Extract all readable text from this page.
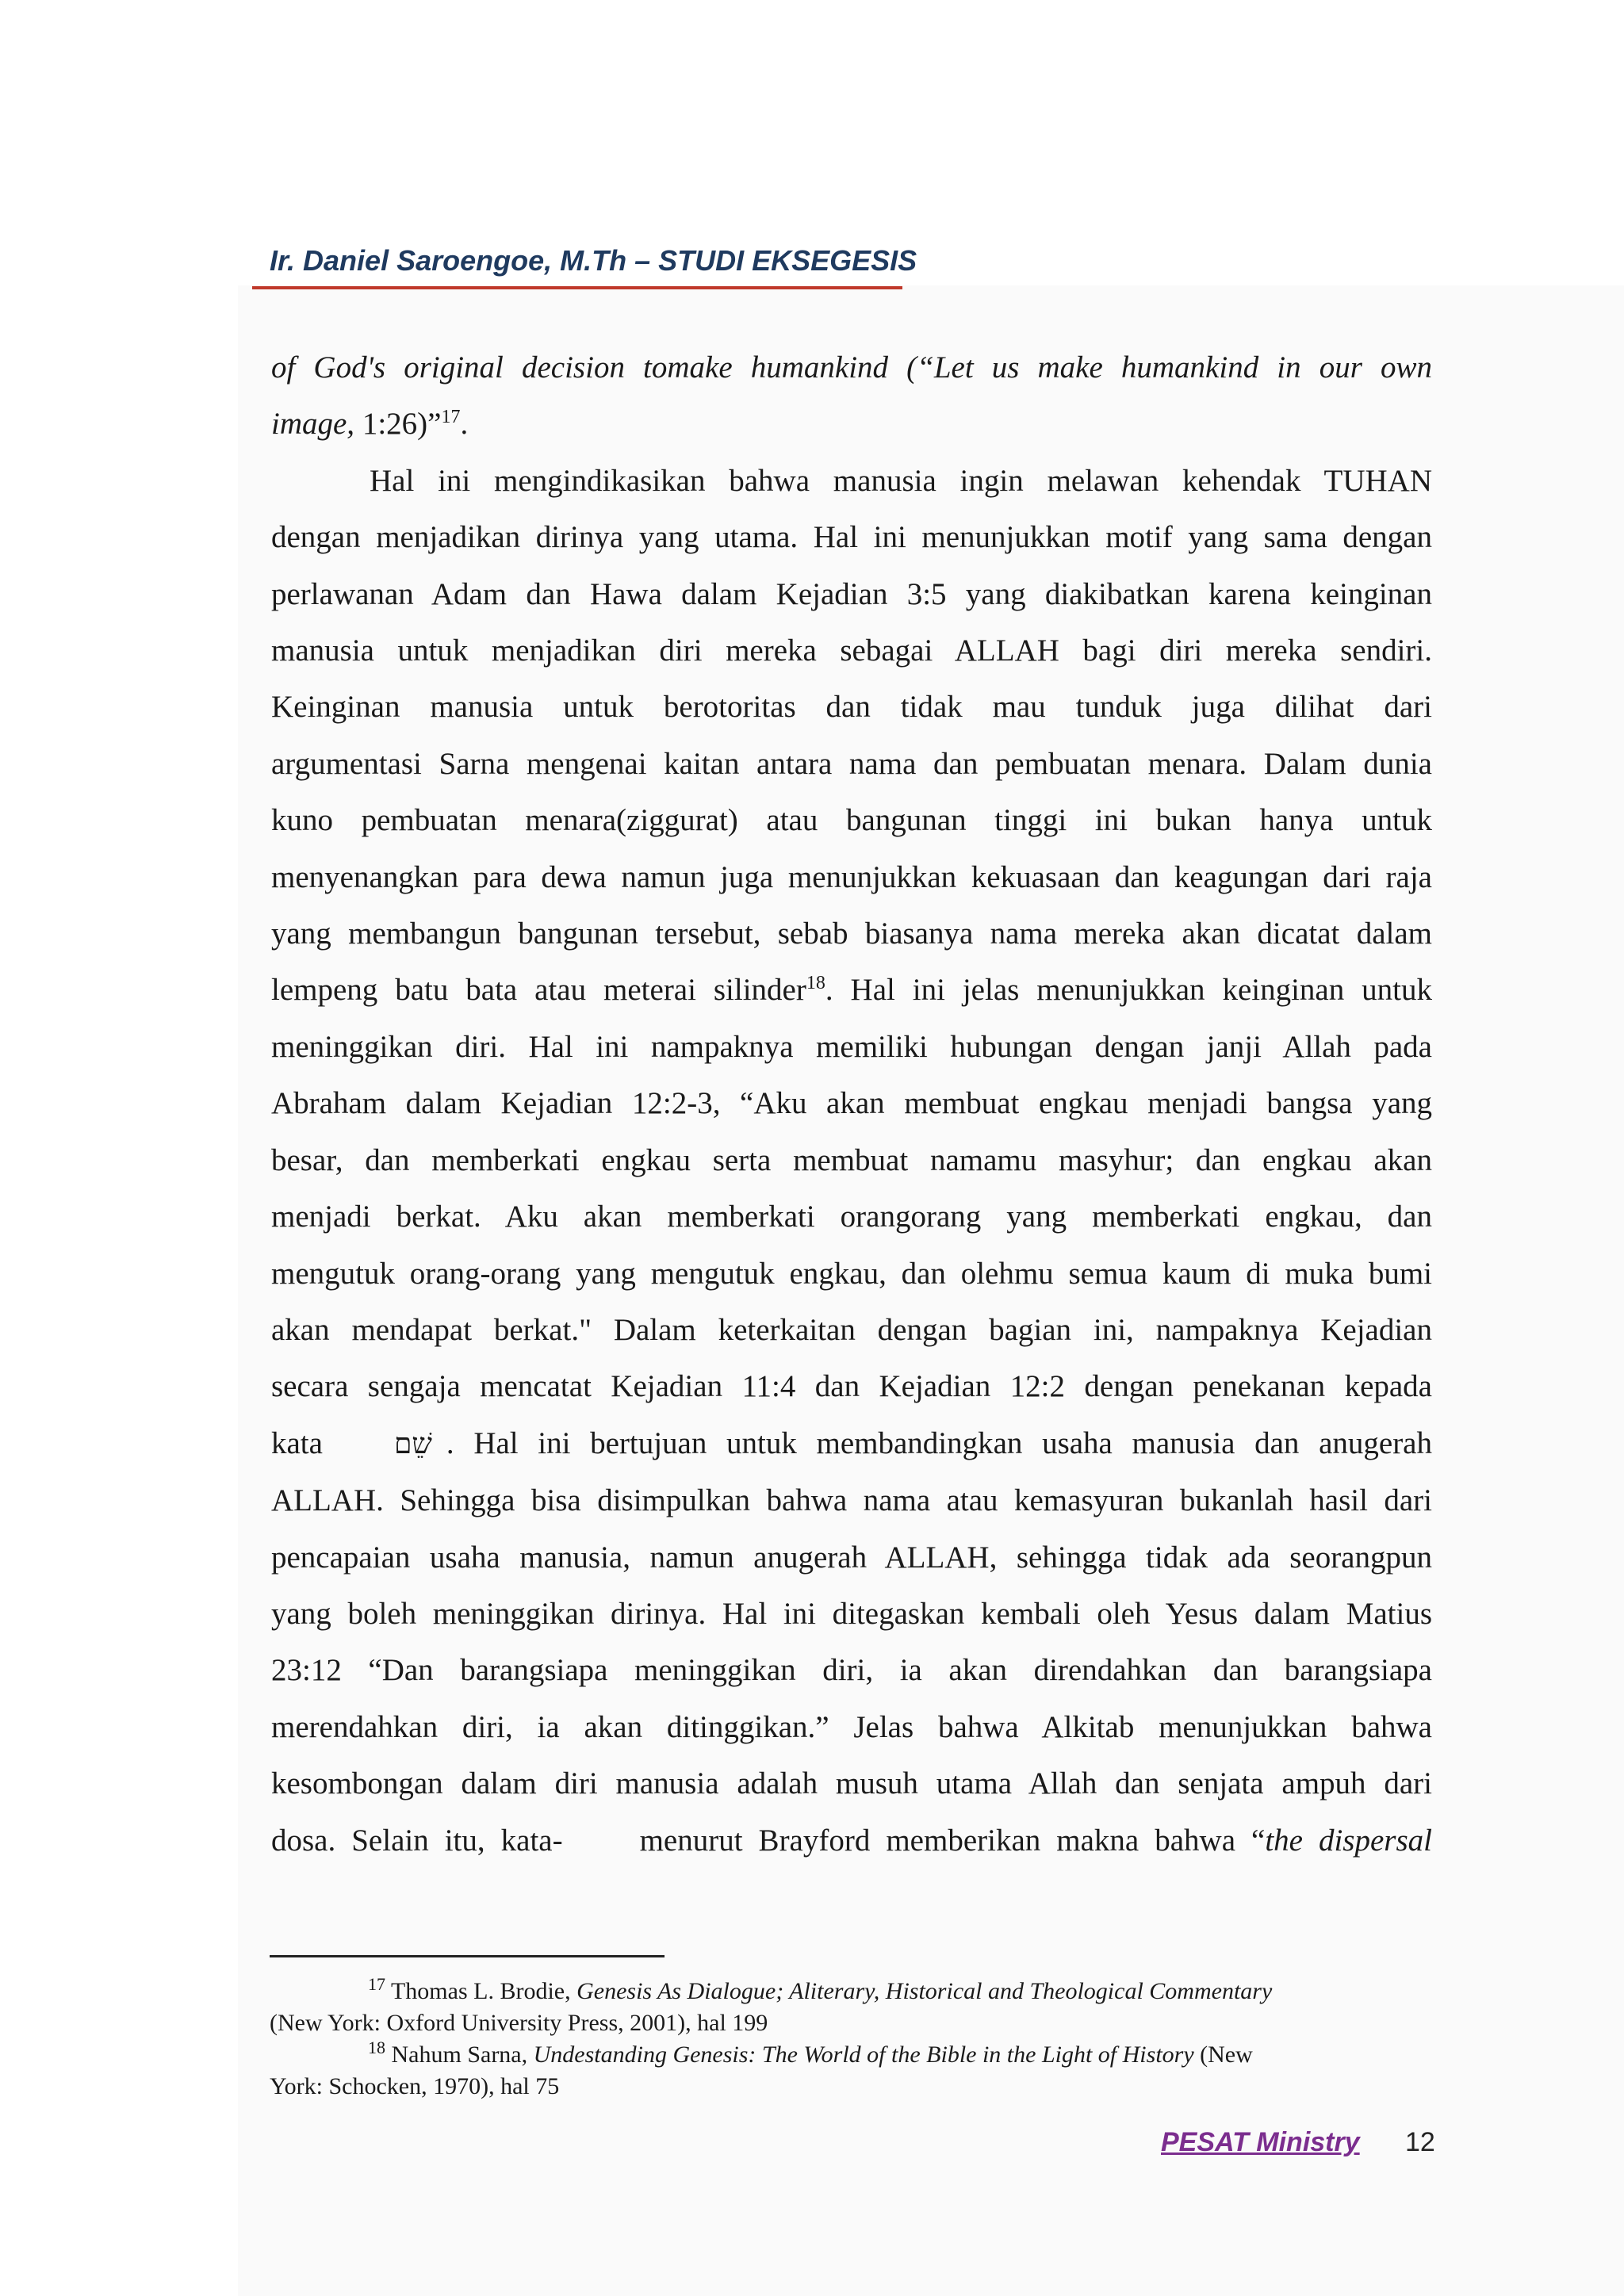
Ir. Daniel Saroengoe, M.Th – STUDI EKSEGESIS
of God's original decision tomake humankind (“Let us make humankind in our own
image, 1:26)”$^{17}$.
Hal ini mengindikasikan bahwa manusia ingin melawan kehendak TUHAN
dengan menjadikan dirinya yang utama. Hal ini menunjukkan motif yang sama dengan
perlawanan Adam dan Hawa dalam Kejadian 3:5 yang diakibatkan karena keinginan
manusia untuk menjadikan diri mereka sebagai ALLAH bagi diri mereka sendiri.
Keinginan manusia untuk berotoritas dan tidak mau tunduk juga dilihat dari
argumentasi Sarna mengenai kaitan antara nama dan pembuatan menara. Dalam dunia
kuno pembuatan menara(ziggurat) atau bangunan tinggi ini bukan hanya untuk
menyenangkan para dewa namun juga menunjukkan kekuasaan dan keagungan dari raja
yang membangun bangunan tersebut, sebab biasanya nama mereka akan dicatat dalam
lempeng batu bata atau meterai silinder$^{18}$. Hal ini jelas menunjukkan keinginan untuk
meninggikan diri. Hal ini nampaknya memiliki hubungan dengan janji Allah pada
Abraham dalam Kejadian 12:2-3, “Aku akan membuat engkau menjadi bangsa yang
besar, dan memberkati engkau serta membuat namamu masyhur; dan engkau akan
menjadi berkat. Aku akan memberkati orangorang yang memberkati engkau, dan
mengutuk orang-orang yang mengutuk engkau, dan olehmu semua kaum di muka bumi
akan mendapat berkat." Dalam keterkaitan dengan bagian ini, nampaknya Kejadian
secara sengaja mencatat Kejadian 11:4 dan Kejadian 12:2 dengan penekanan kepada
kata	שֵׁם . Hal ini bertujuan untuk membandingkan usaha manusia dan anugerah
ALLAH. Sehingga bisa disimpulkan bahwa nama atau kemasyuran bukanlah hasil dari
pencapaian usaha manusia, namun anugerah ALLAH, sehingga tidak ada seorangpun
yang boleh meninggikan dirinya. Hal ini ditegaskan kembali oleh Yesus dalam Matius
23:12 “Dan barangsiapa meninggikan diri, ia akan direndahkan dan barangsiapa
merendahkan diri, ia akan ditinggikan.” Jelas bahwa Alkitab menunjukkan bahwa
kesombongan dalam diri manusia adalah musuh utama Allah dan senjata ampuh dari
dosa. Selain itu, kata- menurut Brayford memberikan makna bahwa “the dispersal

$^{17}$ Thomas L. Brodie, Genesis As Dialogue; Aliterary, Historical and Theological Commentary

(New York: Oxford University Press, 2001), hal 199

$^{18}$ Nahum Sarna, Undestanding Genesis: The World of the Bible in the Light of History (New

York: Schocken, 1970), hal 75

PESAT Ministry 12
